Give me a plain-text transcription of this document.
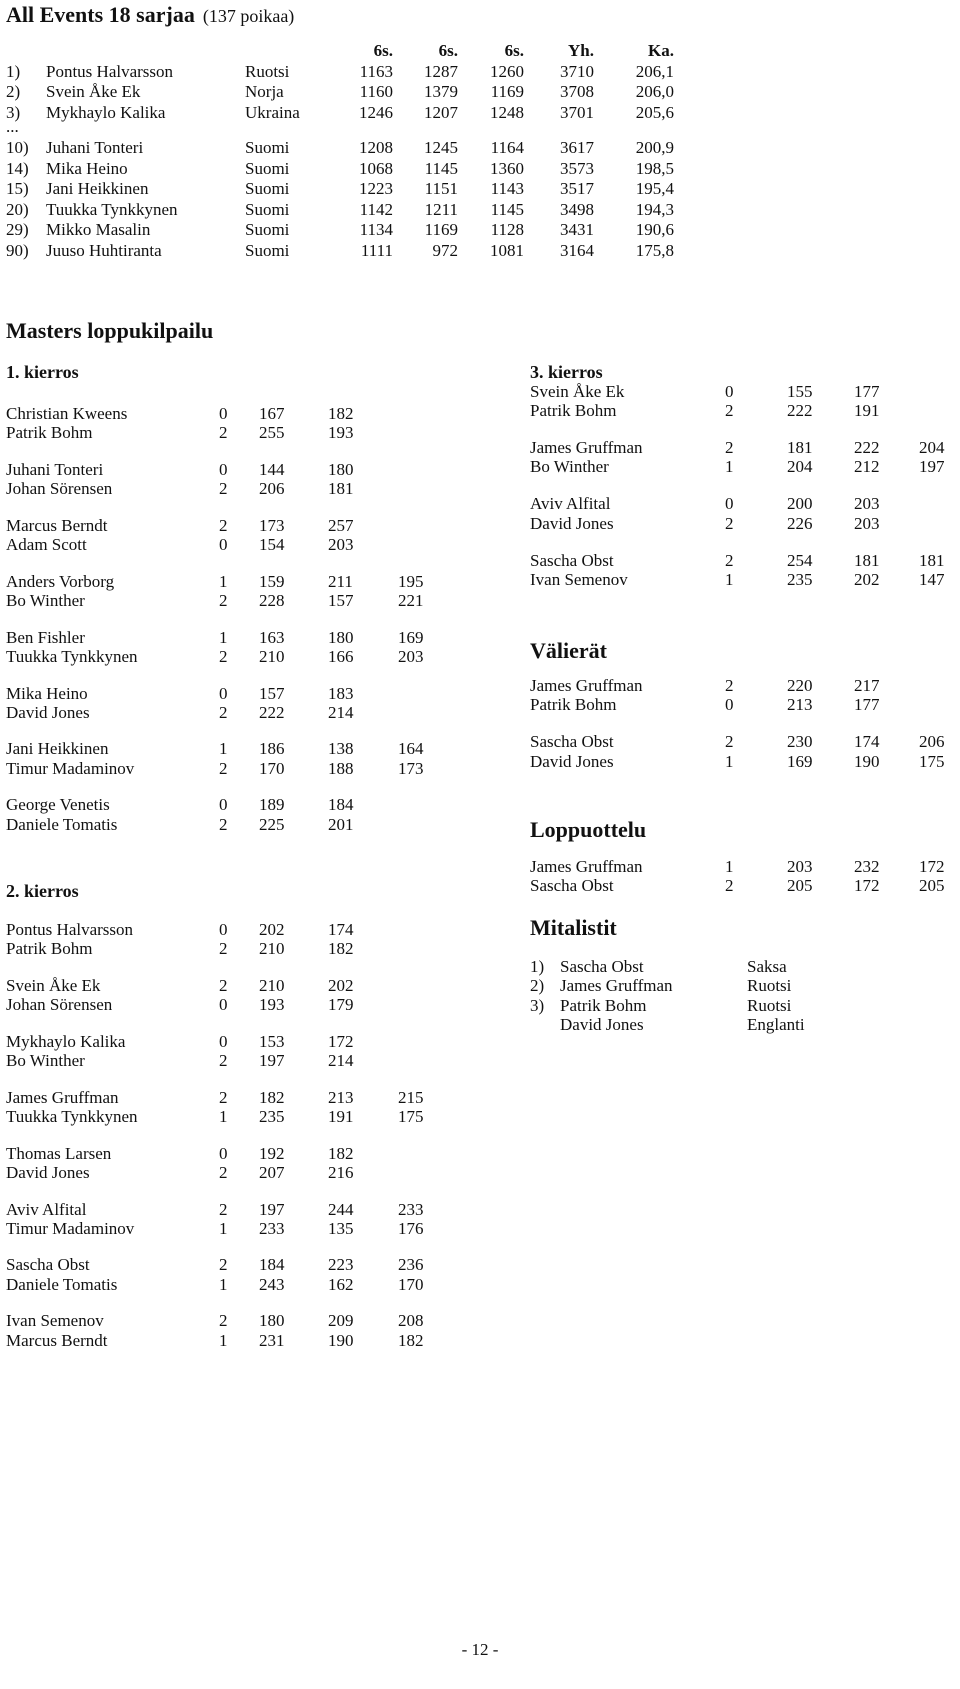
All Events 18 sarjaa (137 poikaa)
6s.	6s.	6s.	Yh.	Ka.
1)	Pontus Halvarsson	Ruotsi	1163	1287	1260	3710	206,1
2)	Svein Åke Ek	Norja	1160	1379	1169	3708	206,0
3)	Mykhaylo Kalika	Ukraina	1246	1207	1248	3701	205,6
...
10)	Juhani Tonteri	Suomi	1208	1245	1164	3617	200,9
14)	Mika Heino	Suomi	1068	1145	1360	3573	198,5
15)	Jani Heikkinen	Suomi	1223	1151	1143	3517	195,4
20)	Tuukka Tynkkynen	Suomi	1142	1211	1145	3498	194,3
29)	Mikko Masalin	Suomi	1134	1169	1128	3431	190,6
90)	Juuso Huhtiranta	Suomi	1111	972	1081	3164	175,8
Masters loppukilpailu
1. kierros
Christian Kweens	0 167	182
Patrik Bohm	2 255	193
Juhani Tonteri	0 144	180
Johan Sörensen	2 206	181
Marcus Berndt	2 173	257
Adam Scott	0 154	203
Anders Vorborg	1 159	211	195
Bo Winther	2 228	157	221
Ben Fishler	1 163	180	169
Tuukka Tynkkynen	2 210	166	203
Mika Heino	0 157	183
David Jones	2 222	214
Jani Heikkinen	1 186	138	164
Timur Madaminov	2 170	188	173
George Venetis	0 189	184
Daniele Tomatis	2 225	201
2. kierros
Pontus Halvarsson	0 202	174
Patrik Bohm	2 210	182
Svein Åke Ek	2 210	202
Johan Sörensen	0 193	179
Mykhaylo Kalika	0 153	172
Bo Winther	2 197	214
James Gruffman	2 182	213	215
Tuukka Tynkkynen	1 235	191	175
Thomas Larsen	0 192	182
David Jones	2 207	216
Aviv Alfital	2 197	244	233
Timur Madaminov	1 233	135	176
Sascha Obst	2 184	223	236
Daniele Tomatis	1 243	162	170
Ivan Semenov	2 180	209	208
Marcus Berndt	1 231	190	182
3. kierros
Svein Åke Ek	0	155 177
Patrik Bohm	2	222 191
James Gruffman	2	181 222 204
Bo Winther	1	204 212 197
Aviv Alfital	0	200 203
David Jones	2	226 203
Sascha Obst	2	254 181 181
Ivan Semenov	1	235 202 147
Välierät
James Gruffman	2	220 217
Patrik Bohm	0	213 177
Sascha Obst	2	230 174 206
David Jones	1	169 190 175
Loppuottelu
James Gruffman	1	203 232 172
Sascha Obst	2	205 172 205
Mitalistit
1) Sascha Obst	Saksa
2) James Gruffman	Ruotsi
3) Patrik Bohm	Ruotsi
David Jones	Englanti
- 12 -
